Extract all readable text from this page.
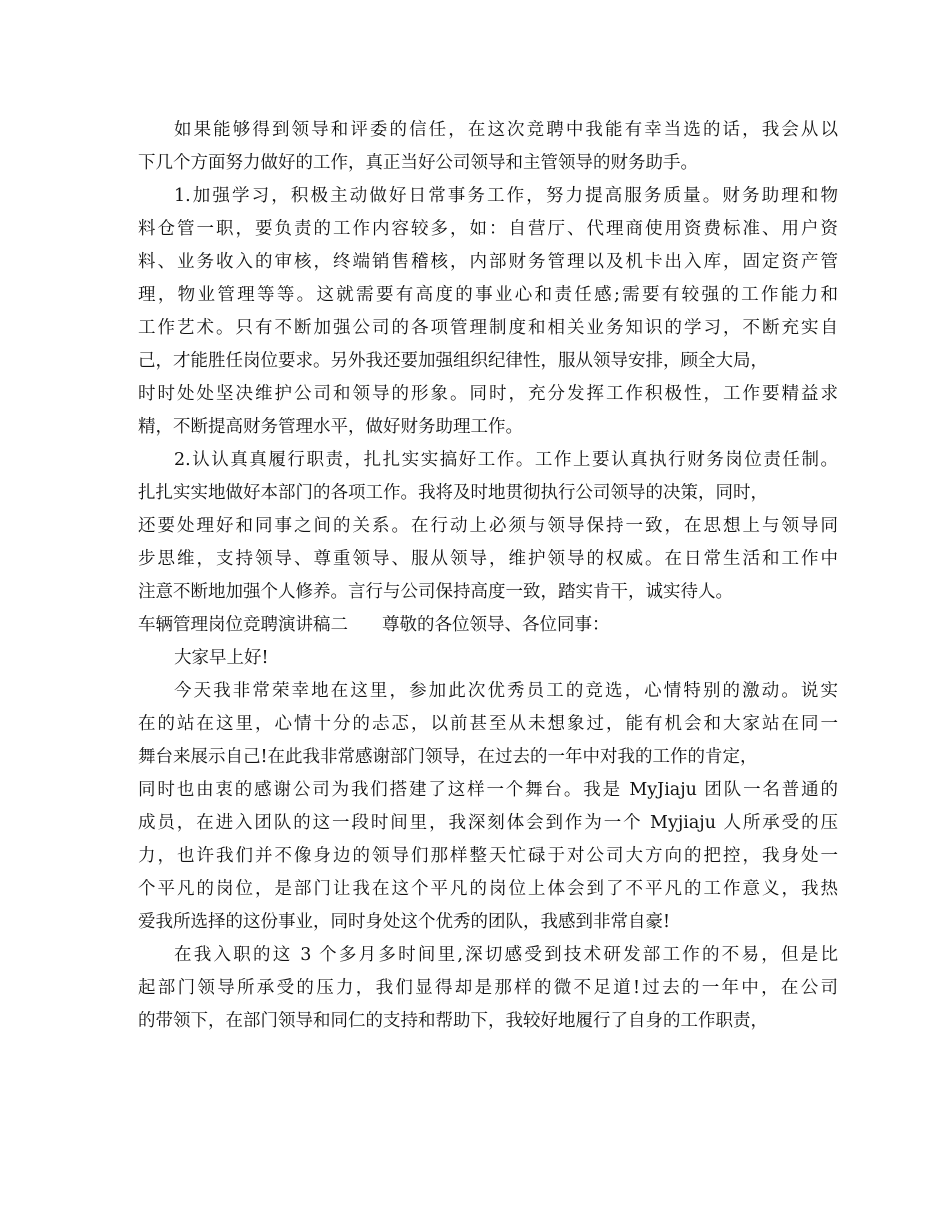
如果能够得到领导和评委的信任，在这次竞聘中我能有幸当选的话，我会从以
下几个方面努力做好的工作，真正当好公司领导和主管领导的财务助手。
1.加强学习，积极主动做好日常事务工作，努力提高服务质量。财务助理和物
料仓管一职，要负责的工作内容较多，如：自营厅、代理商使用资费标准、用户资
料、业务收入的审核，终端销售稽核，内部财务管理以及机卡出入库，固定资产管
理，物业管理等等。这就需要有高度的事业心和责任感;需要有较强的工作能力和
工作艺术。只有不断加强公司的各项管理制度和相关业务知识的学习，不断充实自
己，才能胜任岗位要求。另外我还要加强组织纪律性，服从领导安排，顾全大局，
时时处处坚决维护公司和领导的形象。同时，充分发挥工作积极性，工作要精益求
精，不断提高财务管理水平，做好财务助理工作。
2.认认真真履行职责，扎扎实实搞好工作。工作上要认真执行财务岗位责任制。
扎扎实实地做好本部门的各项工作。我将及时地贯彻执行公司领导的决策，同时，
还要处理好和同事之间的关系。在行动上必须与领导保持一致，在思想上与领导同
步思维，支持领导、尊重领导、服从领导，维护领导的权威。在日常生活和工作中
注意不断地加强个人修养。言行与公司保持高度一致，踏实肯干，诚实待人。
车辆管理岗位竞聘演讲稿二 尊敬的各位领导、各位同事：
大家早上好!
今天我非常荣幸地在这里，参加此次优秀员工的竞选，心情特别的激动。说实
在的站在这里，心情十分的忐忑，以前甚至从未想象过，能有机会和大家站在同一
舞台来展示自己!在此我非常感谢部门领导，在过去的一年中对我的工作的肯定，
同时也由衷的感谢公司为我们搭建了这样一个舞台。我是 MyJiaju 团队一名普通的
成员，在进入团队的这一段时间里，我深刻体会到作为一个 Myjiaju 人所承受的压
力，也许我们并不像身边的领导们那样整天忙碌于对公司大方向的把控，我身处一
个平凡的岗位，是部门让我在这个平凡的岗位上体会到了不平凡的工作意义，我热
爱我所选择的这份事业，同时身处这个优秀的团队，我感到非常自豪!
在我入职的这 3 个多月多时间里,深切感受到技术研发部工作的不易，但是比
起部门领导所承受的压力，我们显得却是那样的微不足道!过去的一年中，在公司
的带领下，在部门领导和同仁的支持和帮助下，我较好地履行了自身的工作职责，
